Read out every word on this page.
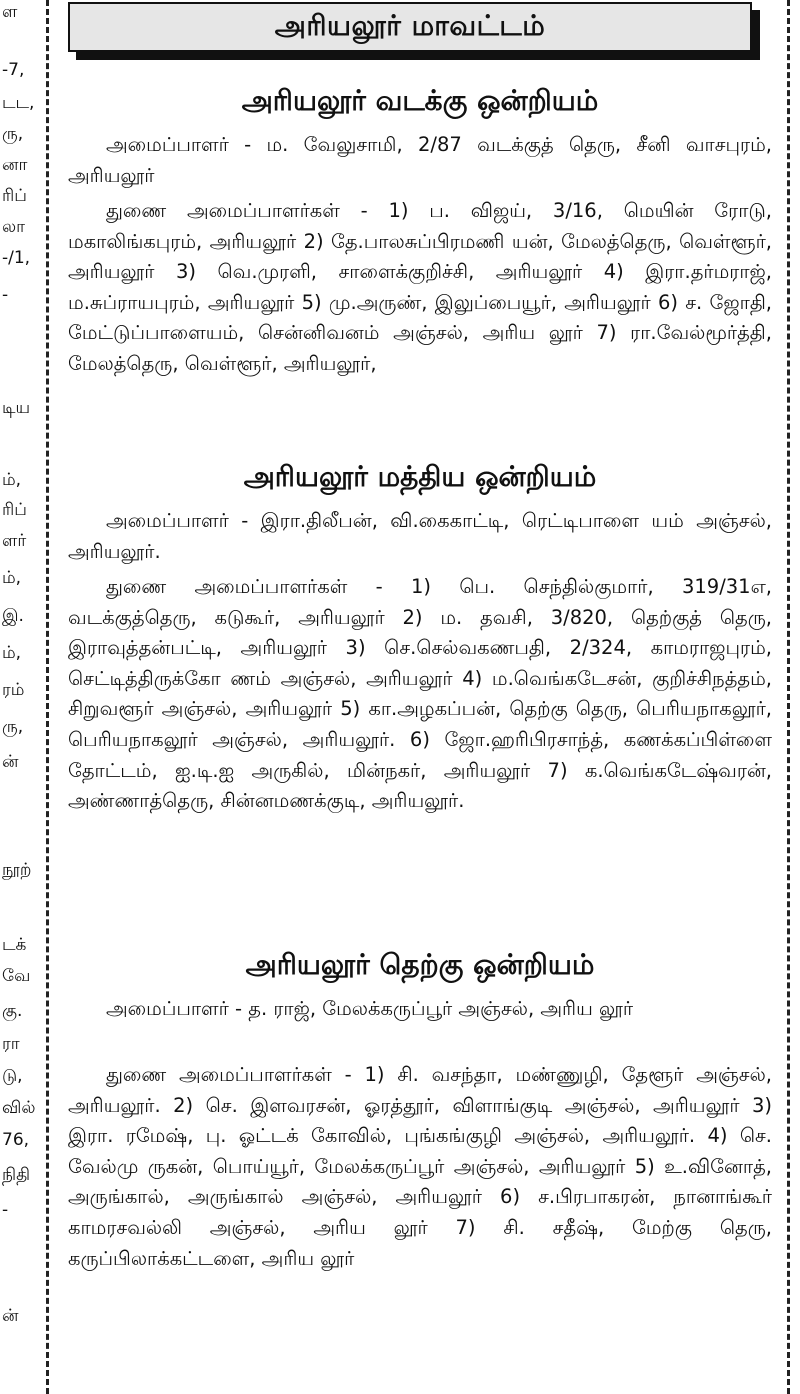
ள
-7,
டட,
ரு,
னா
ரிப்
லா
-/1,
-
டிய
ம்,
ரிப்
ளர்
ம்,
இ.
ம்,
ரம்
ரு,
ன்
நூற்
டக்
வே
கு.
ரா
டு,
வில்
76,
நிதி
-
ன்
அரியலூர் மாவட்டம்
அரியலூர் வடக்கு ஒன்றியம்

அமைப்பாளர் - ம. வேலுசாமி, 2/87 வடக்குத் தெரு, சீனி வாசபுரம், அரியலூர்

துணை அமைப்பாளர்கள் - 1) ப. விஜய், 3/16, மெயின் ரோடு, மகாலிங்கபுரம், அரியலூர் 2) தே.பாலசுப்பிரமணி யன், மேலத்தெரு, வெள்ளூர், அரியலூர் 3) வெ.முரளி, சாளைக்குறிச்சி, அரியலூர் 4) இரா.தர்மராஜ், ம.சுப்ராயபுரம், அரியலூர் 5) மு.அருண், இலுப்பையூர், அரியலூர் 6) ச. ஜோதி, மேட்டுப்பாளையம், சென்னிவனம் அஞ்சல், அரிய லூர் 7) ரா.வேல்மூர்த்தி, மேலத்தெரு, வெள்ளூர், அரியலூர்,

அரியலூர் மத்திய ஒன்றியம்

அமைப்பாளர் - இரா.திலீபன், வி.கைகாட்டி, ரெட்டிபாளை யம் அஞ்சல், அரியலூர்.

துணை அமைப்பாளர்கள் - 1) பெ. செந்தில்குமார், 319/31எ, வடக்குத்தெரு, கடுகூர், அரியலூர் 2) ம. தவசி, 3/820, தெற்குத் தெரு, இராவுத்தன்பட்டி, அரியலூர் 3) செ.செல்வகணபதி, 2/324, காமராஜபுரம், செட்டித்திருக்கோ ணம் அஞ்சல், அரியலூர் 4) ம.வெங்கடேசன், குறிச்சிநத்தம், சிறுவளூர் அஞ்சல், அரியலூர் 5) கா.அழகப்பன், தெற்கு தெரு, பெரியநாகலூர், பெரியநாகலூர் அஞ்சல், அரியலூர். 6) ஜோ.ஹரிபிரசாந்த், கணக்கப்பிள்ளை தோட்டம், ஐ.டி.ஐ அருகில், மின்நகர், அரியலூர் 7) க.வெங்கடேஷ்வரன், அண்ணாத்தெரு, சின்னமணக்குடி, அரியலூர்.

அரியலூர் தெற்கு ஒன்றியம்

அமைப்பாளர் - த. ராஜ், மேலக்கருப்பூர் அஞ்சல், அரிய லூர்

துணை அமைப்பாளர்கள் - 1) சி. வசந்தா, மண்ணுழி, தேளூர் அஞ்சல், அரியலூர். 2) செ. இளவரசன், ஓரத்தூர், விளாங்குடி அஞ்சல், அரியலூர் 3) இரா. ரமேஷ், பு. ஓட்டக் கோவில், புங்கங்குழி அஞ்சல், அரியலூர். 4) செ. வேல்மு ருகன், பொய்யூர், மேலக்கருப்பூர் அஞ்சல், அரியலூர் 5) உ.வினோத், அருங்கால், அருங்கால் அஞ்சல், அரியலூர் 6) ச.பிரபாகரன், நானாங்கூர் காமரசவல்லி அஞ்சல், அரிய லூர் 7) சி. சதீஷ், மேற்கு தெரு, கருப்பிலாக்கட்டளை, அரிய லூர்
